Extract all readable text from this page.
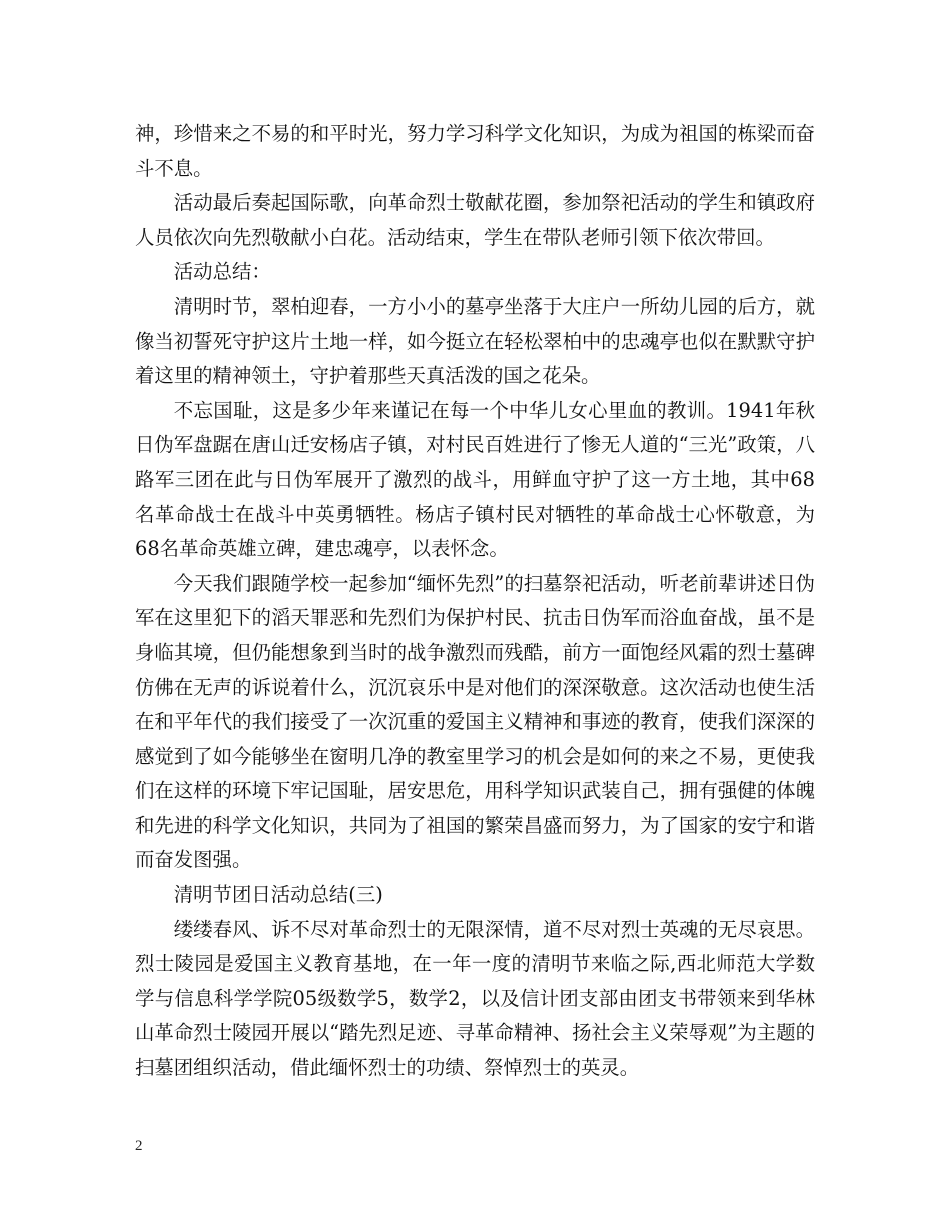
神，珍惜来之不易的和平时光，努力学习科学文化知识，为成为祖国的栋梁而奋斗不息。

活动最后奏起国际歌，向革命烈士敬献花圈，参加祭祀活动的学生和镇政府人员依次向先烈敬献小白花。活动结束，学生在带队老师引领下依次带回。

活动总结：

清明时节，翠柏迎春，一方小小的墓亭坐落于大庄户一所幼儿园的后方，就像当初誓死守护这片土地一样，如今挺立在轻松翠柏中的忠魂亭也似在默默守护着这里的精神领土，守护着那些天真活泼的国之花朵。

不忘国耻，这是多少年来谨记在每一个中华儿女心里血的教训。1941年秋日伪军盘踞在唐山迁安杨店子镇，对村民百姓进行了惨无人道的“三光”政策，八路军三团在此与日伪军展开了激烈的战斗，用鲜血守护了这一方土地，其中68名革命战士在战斗中英勇牺牲。杨店子镇村民对牺牲的革命战士心怀敬意，为68名革命英雄立碑，建忠魂亭，以表怀念。

今天我们跟随学校一起参加“缅怀先烈”的扫墓祭祀活动，听老前辈讲述日伪军在这里犯下的滔天罪恶和先烈们为保护村民、抗击日伪军而浴血奋战，虽不是身临其境，但仍能想象到当时的战争激烈而残酷，前方一面饱经风霜的烈士墓碑仿佛在无声的诉说着什么，沉沉哀乐中是对他们的深深敬意。这次活动也使生活在和平年代的我们接受了一次沉重的爱国主义精神和事迹的教育，使我们深深的感觉到了如今能够坐在窗明几净的教室里学习的机会是如何的来之不易，更使我们在这样的环境下牢记国耻，居安思危，用科学知识武装自己，拥有强健的体魄和先进的科学文化知识，共同为了祖国的繁荣昌盛而努力，为了国家的安宁和谐而奋发图强。

清明节团日活动总结(三)

缕缕春风、诉不尽对革命烈士的无限深情，道不尽对烈士英魂的无尽哀思。烈士陵园是爱国主义教育基地，在一年一度的清明节来临之际,西北师范大学数学与信息科学学院05级数学5，数学2，以及信计团支部由团支书带领来到华林山革命烈士陵园开展以“踏先烈足迹、寻革命精神、扬社会主义荣辱观”为主题的扫墓团组织活动，借此缅怀烈士的功绩、祭悼烈士的英灵。

2
